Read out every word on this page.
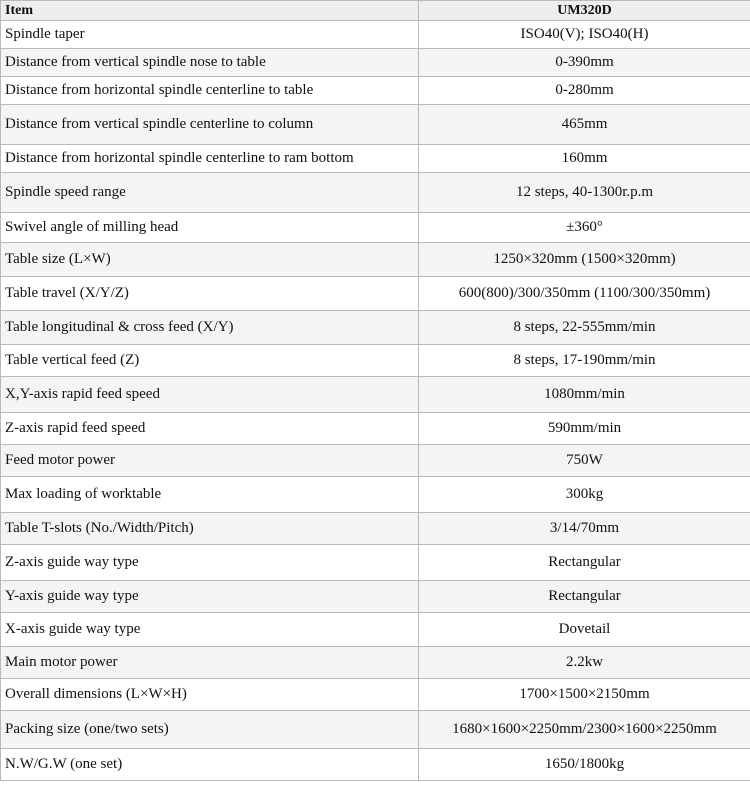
Item	UM320D
Spindle taper	ISO40(V); ISO40(H)
Distance from vertical spindle nose to table	0-390mm
Distance from horizontal spindle centerline to table	0-280mm
Distance from vertical spindle centerline to column	465mm
Distance from horizontal spindle centerline to ram bottom	160mm
Spindle speed range	12 steps, 40-1300r.p.m
Swivel angle of milling head	±360°
Table size (L×W)	1250×320mm (1500×320mm)
Table travel (X/Y/Z)	600(800)/300/350mm (1100/300/350mm)
Table longitudinal & cross feed (X/Y)	8 steps, 22-555mm/min
Table vertical feed (Z)	8 steps, 17-190mm/min
X,Y-axis rapid feed speed	1080mm/min
Z-axis rapid feed speed	590mm/min
Feed motor power	750W
Max loading of worktable	300kg
Table T-slots (No./Width/Pitch)	3/14/70mm
Z-axis guide way type	Rectangular
Y-axis guide way type	Rectangular
X-axis guide way type	Dovetail
Main motor power	2.2kw
Overall dimensions (L×W×H)	1700×1500×2150mm
Packing size (one/two sets)	1680×1600×2250mm/2300×1600×2250mm
N.W/G.W (one set)	1650/1800kg
